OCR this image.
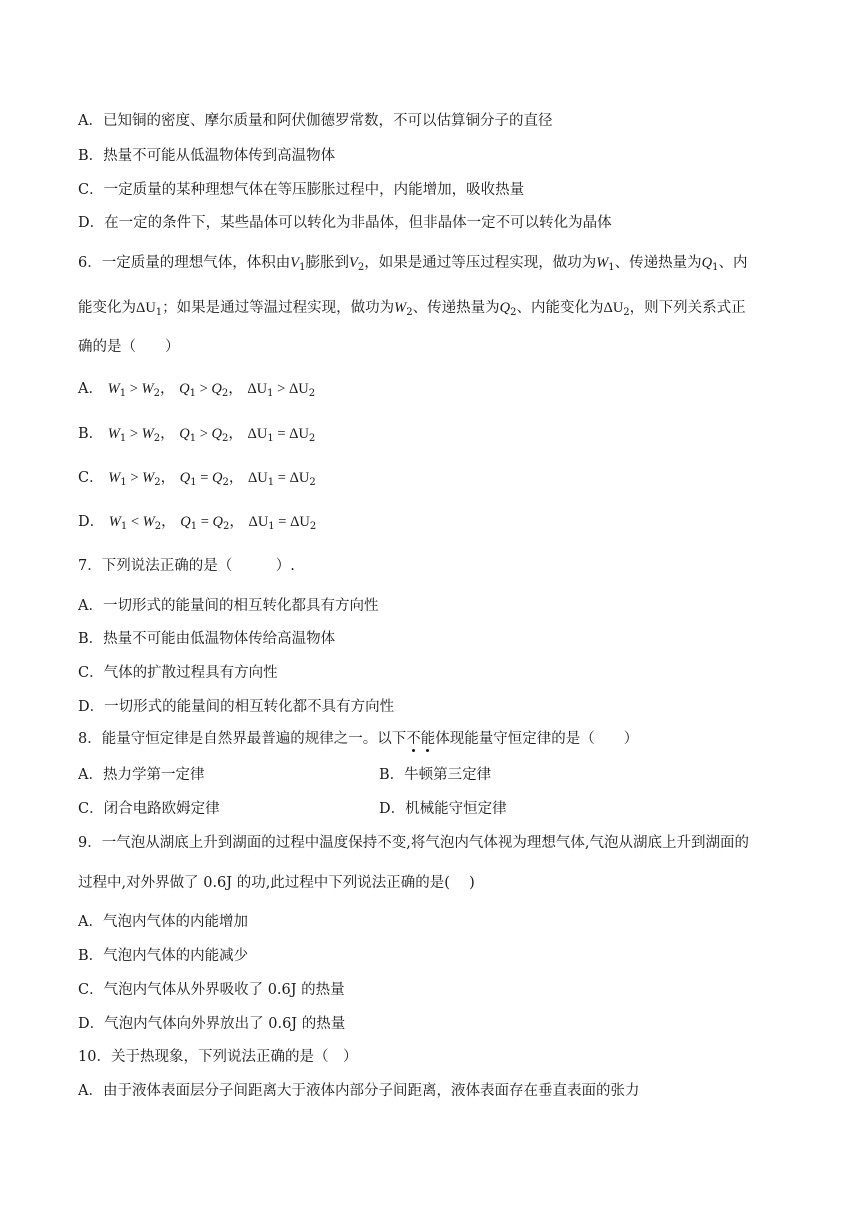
A．已知铜的密度、摩尔质量和阿伏伽德罗常数，不可以估算铜分子的直径
B．热量不可能从低温物体传到高温物体
C．一定质量的某种理想气体在等压膨胀过程中，内能增加，吸收热量
D．在一定的条件下，某些晶体可以转化为非晶体，但非晶体一定不可以转化为晶体
6．一定质量的理想气体，体积由$V_1$膨胀到$V_2$，如果是通过等压过程实现，做功为$W_1$、传递热量为$Q_1$、内
能变化为$\Delta U_1$；如果是通过等温过程实现，做功为$W_2$、传递热量为$Q_2$、内能变化为$\Delta U_2$，则下列关系式正
确的是（　　）
A． $W_1 > W_2$， $Q_1 > Q_2$， $\Delta U_1 > \Delta U_2$
B． $W_1 > W_2$， $Q_1 > Q_2$， $\Delta U_1 = \Delta U_2$
C． $W_1 > W_2$， $Q_1 = Q_2$， $\Delta U_1 = \Delta U_2$
D． $W_1 < W_2$， $Q_1 = Q_2$， $\Delta U_1 = \Delta U_2$
7．下列说法正确的是（　　　）.
A．一切形式的能量间的相互转化都具有方向性
B．热量不可能由低温物体传给高温物体
C．气体的扩散过程具有方向性
D．一切形式的能量间的相互转化都不具有方向性
8．能量守恒定律是自然界最普遍的规律之一。以下不能体现能量守恒定律的是（　　）
A．热力学第一定律	B．牛顿第三定律
C．闭合电路欧姆定律	D．机械能守恒定律
9．一气泡从湖底上升到湖面的过程中温度保持不变,将气泡内气体视为理想气体,气泡从湖底上升到湖面的
过程中,对外界做了 0.6J 的功,此过程中下列说法正确的是(　 )
A．气泡内气体的内能增加
B．气泡内气体的内能减少
C．气泡内气体从外界吸收了 0.6J 的热量
D．气泡内气体向外界放出了 0.6J 的热量
10．关于热现象，下列说法正确的是（　）
A．由于液体表面层分子间距离大于液体内部分子间距离，液体表面存在垂直表面的张力
